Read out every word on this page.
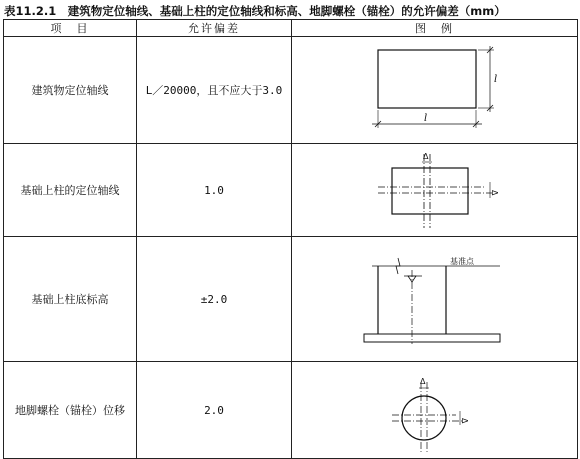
表11.2.1　建筑物定位轴线、基础上柱的定位轴线和标高、地脚螺栓（锚栓）的允许偏差（mm）
项　目	允许偏差	图　例
建筑物定位轴线	L／20000，且不应大于3.0	l
l

基础上柱的定位轴线	1.0	Δ
Δ

基础上柱底标高	±2.0	基准点

地脚螺栓（锚栓）位移	2.0	Δ
Δ
